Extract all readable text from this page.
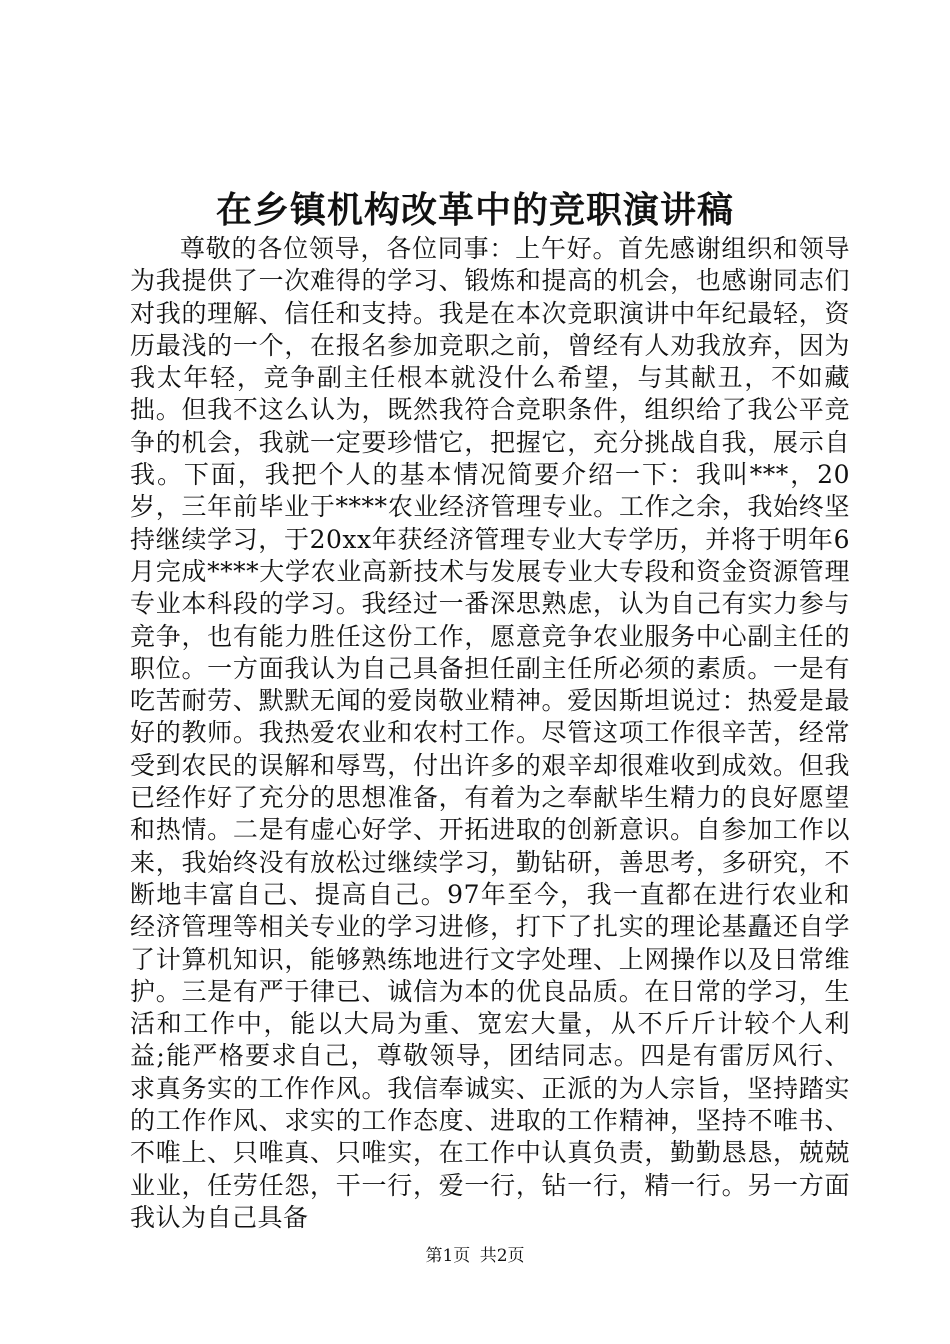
在乡镇机构改革中的竞职演讲稿

尊敬的各位领导，各位同事：上午好。首先感谢组织和领导为我提供了一次难得的学习、锻炼和提高的机会，也感谢同志们对我的理解、信任和支持。我是在本次竞职演讲中年纪最轻，资历最浅的一个，在报名参加竞职之前，曾经有人劝我放弃，因为我太年轻，竞争副主任根本就没什么希望，与其献丑，不如藏拙。但我不这么认为，既然我符合竞职条件，组织给了我公平竞争的机会，我就一定要珍惜它，把握它，充分挑战自我，展示自我。下面，我把个人的基本情况简要介绍一下：我叫***，20岁，三年前毕业于****农业经济管理专业。工作之余，我始终坚持继续学习，于20xx年获经济管理专业大专学历，并将于明年6月完成****大学农业高新技术与发展专业大专段和资金资源管理专业本科段的学习。我经过一番深思熟虑，认为自己有实力参与竞争，也有能力胜任这份工作，愿意竞争农业服务中心副主任的职位。一方面我认为自己具备担任副主任所必须的素质。一是有吃苦耐劳、默默无闻的爱岗敬业精神。爱因斯坦说过：热爱是最好的教师。我热爱农业和农村工作。尽管这项工作很辛苦，经常受到农民的误解和辱骂，付出许多的艰辛却很难收到成效。但我已经作好了充分的思想准备，有着为之奉献毕生精力的良好愿望和热情。二是有虚心好学、开拓进取的创新意识。自参加工作以来，我始终没有放松过继续学习，勤钻研，善思考，多研究，不断地丰富自己、提高自己。97年至今，我一直都在进行农业和经济管理等相关专业的学习进修，打下了扎实的理论基矗还自学了计算机知识，能够熟练地进行文字处理、上网操作以及日常维护。三是有严于律已、诚信为本的优良品质。在日常的学习，生活和工作中，能以大局为重、宽宏大量，从不斤斤计较个人利益;能严格要求自己，尊敬领导，团结同志。四是有雷厉风行、求真务实的工作作风。我信奉诚实、正派的为人宗旨，坚持踏实的工作作风、求实的工作态度、进取的工作精神，坚持不唯书、不唯上、只唯真、只唯实，在工作中认真负责，勤勤恳恳，兢兢业业，任劳任怨，干一行，爱一行，钻一行，精一行。另一方面我认为自己具备

第1页 共2页
